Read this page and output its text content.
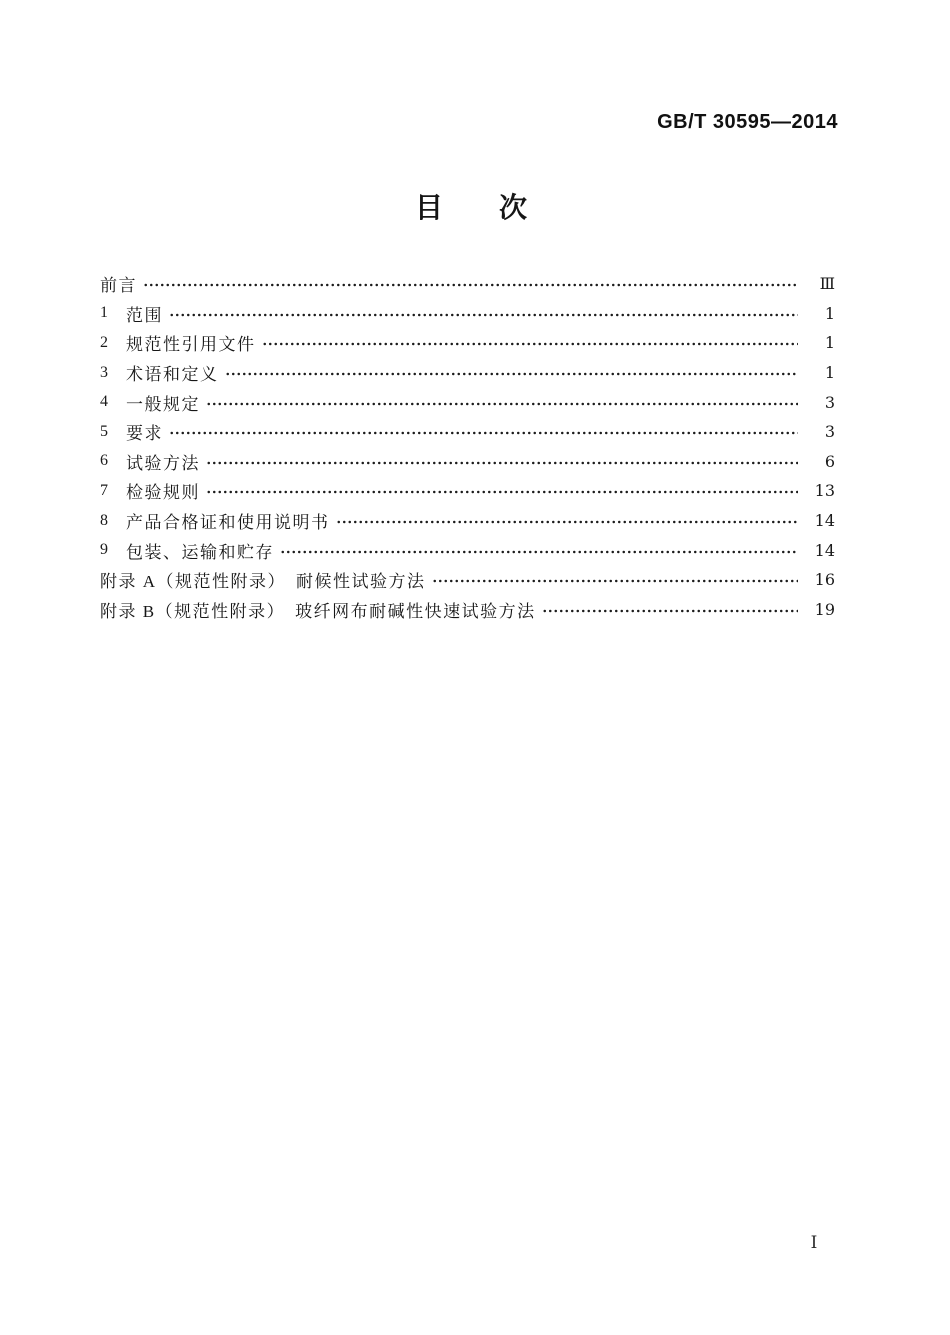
GB/T 30595—2014
目　　次
前言	Ⅲ
1	范围	1
2	规范性引用文件	1
3	术语和定义	1
4	一般规定	3
5	要求	3
6	试验方法	6
7	检验规则	13
8	产品合格证和使用说明书	14
9	包装、运输和贮存	14
附录 A（规范性附录）　耐候性试验方法	16
附录 B（规范性附录）　玻纤网布耐碱性快速试验方法	19
Ⅰ
